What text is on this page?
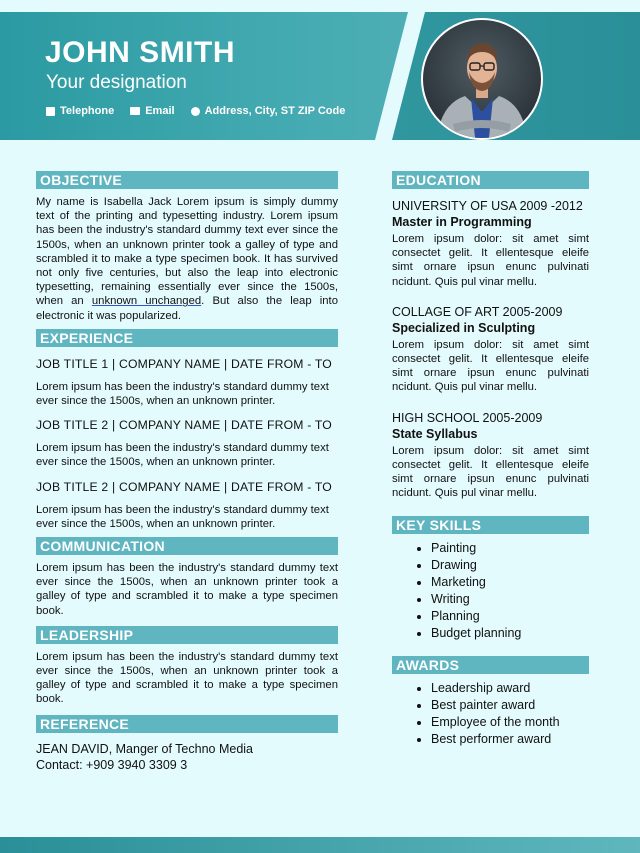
JOHN SMITH

Your designation

Telephone	Email	Address, City, ST ZIP Code
OBJECTIVE

My name is Isabella Jack Lorem ipsum is simply dummy text of the printing and typesetting industry. Lorem ipsum has been the industry's standard dummy text ever since the 1500s, when an unknown printer took a galley of type and scrambled it to make a type specimen book. It has survived not only five centuries, but also the leap into electronic typesetting, remaining essentially ever since the 1500s, when an unknown unchanged. But also the leap into electronic it was popularized.

EXPERIENCE
JOB TITLE 1 | COMPANY NAME | DATE FROM - TO

Lorem ipsum has been the industry's standard dummy text ever since the 1500s, when an unknown printer.

JOB TITLE 2 | COMPANY NAME | DATE FROM - TO

Lorem ipsum has been the industry's standard dummy text ever since the 1500s, when an unknown printer.

JOB TITLE 2 | COMPANY NAME | DATE FROM - TO

Lorem ipsum has been the industry's standard dummy text ever since the 1500s, when an unknown printer.

COMMUNICATION

Lorem ipsum has been the industry's standard dummy text ever since the 1500s, when an unknown printer took a galley of type and scrambled it to make a type specimen book.

LEADERSHIP

Lorem ipsum has been the industry's standard dummy text ever since the 1500s, when an unknown printer took a galley of type and scrambled it to make a type specimen book.

REFERENCE
JEAN DAVID, Manger of Techno Media
Contact: +909 3940 3309 3
EDUCATION
UNIVERSITY OF USA 2009 -2012
Master in Programming
Lorem ipsum dolor: sit amet simt consectet gelit. It ellentesque eleife simt ornare ipsun enunc pulvinati ncidunt. Quis pul vinar mellu.
COLLAGE OF ART 2005-2009
Specialized in Sculpting
Lorem ipsum dolor: sit amet simt consectet gelit. It ellentesque eleife simt ornare ipsun enunc pulvinati ncidunt. Quis pul vinar mellu.
HIGH SCHOOL 2005-2009
State Syllabus
Lorem ipsum dolor: sit amet simt consectet gelit. It ellentesque eleife simt ornare ipsun enunc pulvinati ncidunt. Quis pul vinar mellu.
KEY SKILLS
• Painting
• Drawing
• Marketing
• Writing
• Planning
• Budget planning
AWARDS
• Leadership award
• Best painter award
• Employee of the month
• Best performer award
